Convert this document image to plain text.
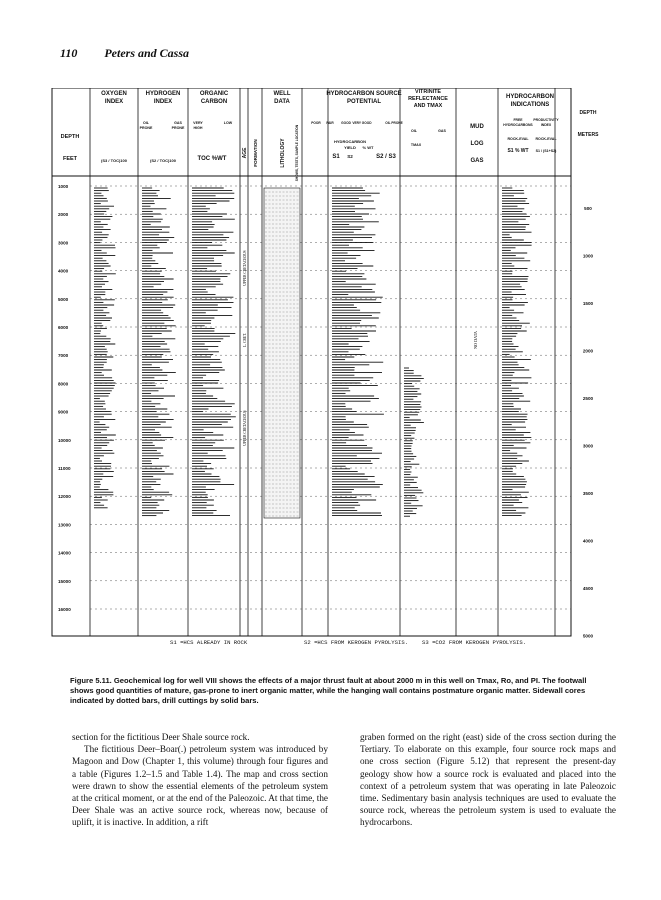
110 Peters and Cassa
DEPTH
FEET
OXYGEN
INDEX
(S3 / TOC)100
HYDROGEN
INDEX
OIL
PRONE
GAS
PRONE
(S2 / TOC)100
ORGANIC
CARBON
VERY
HIGH
LOW
TOC %WT
AGE FORMATION
WELL
DATA
LITHOLOGY	SHOWS, TESTS, SAMPLE LOCATION
HYDROCARBON SOURCE
POTENTIAL
POOR FAIR GOOD VERY GOOD	OIL PRONE
HYDROCARBON
YIELD
S1 S2
% WT
S2 / S3
VITRINITE
REFLECTANCE
AND TMAX
OIL	GAS
TMAX
HYDROCARBON
INDICATIONS
MUD
LOG
GAS
FREE
HYDROCARBONS
ROCK-EVAL
S1 % WT
PRODUCTIVITY
INDEX
ROCK-EVAL
S1 / (S1+S2)
DEPTH
METERS
1000
2000
3000
4000
5000
6000
7000
8000
9000
10000
11000
12000
13000
14000
15000
16000
500
1000
1500
2000
2500
3000
3500
4000
4500
5000
UPPER CRETACEOUS
L. CRET.
UPPER CRETACEOUS
NO DATA
S1 =HCS ALREADY IN ROCK	S2 =HCS FROM KEROGEN PYROLYSIS. S3 =CO2 FROM KEROGEN PYROLYSIS.
Figure 5.11. Geochemical log for well VIII shows the effects of a major thrust fault at about 2000 m in this well on Tmax, Ro, and PI. The footwall shows good quantities of mature, gas-prone to inert organic matter, while the hanging wall contains postmature organic matter. Sidewall cores indicated by dotted bars, drill cuttings by solid bars.

section for the fictitious Deer Shale source rock.

The fictitious Deer–Boar(.) petroleum system was introduced by Magoon and Dow (Chapter 1, this volume) through four figures and a table (Figures 1.2–1.5 and Table 1.4). The map and cross section were drawn to show the essential elements of the petroleum system at the critical moment, or at the end of the Paleozoic. At that time, the Deer Shale was an active source rock, whereas now, because of uplift, it is inactive. In addition, a rift

graben formed on the right (east) side of the cross section during the Tertiary. To elaborate on this example, four source rock maps and one cross section (Figure 5.12) that represent the present-day geology show how a source rock is evaluated and placed into the context of a petroleum system that was operating in late Paleozoic time. Sedimentary basin analysis techniques are used to evaluate the source rock, whereas the petroleum system is used to evaluate the hydrocarbons.
